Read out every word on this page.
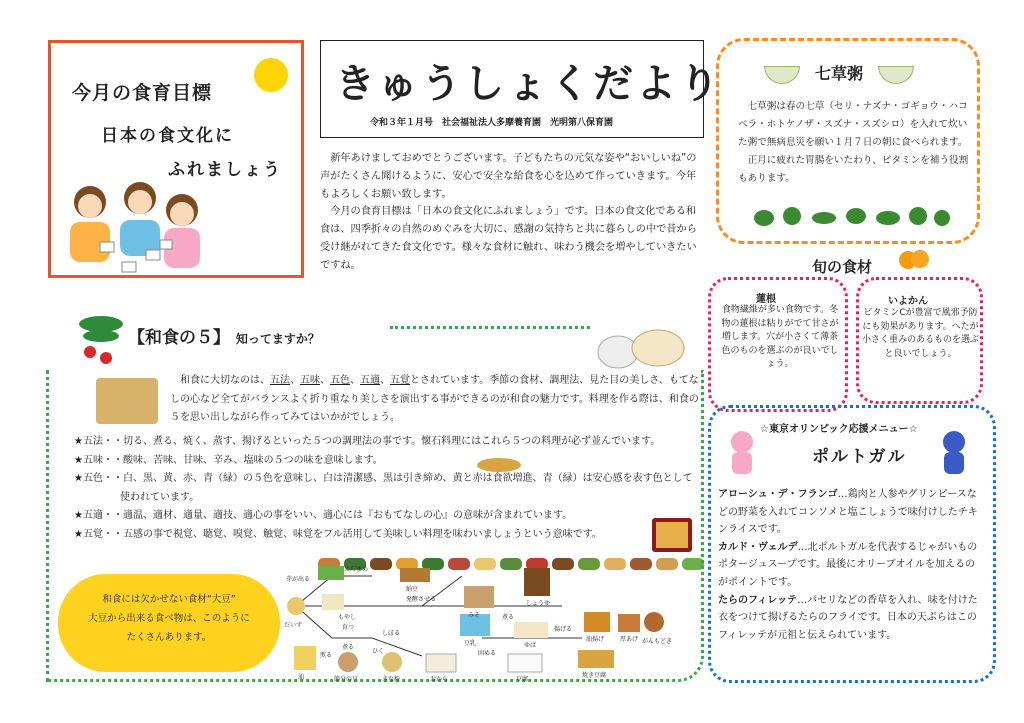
今月の食育目標
日本の食文化に
ふれましょう
きゅうしょくだより
令和３年１月号　社会福祉法人多摩養育園　光明第八保育園

新年あけましておめでとうございます。子どもたちの元気な姿や“おいしいね”の声がたくさん聞けるように、安心で安全な給食を心を込めて作っていきます。今年もよろしくお願い致します。

今月の食育目標は「日本の食文化にふれましょう」です。日本の食文化である和食は、四季折々の自然のめぐみを大切に、感謝の気持ちと共に暮らしの中で昔から受け継がれてきた食文化です。様々な食材に触れ、味わう機会を増やしていきたいですね。

七草粥

七草粥は春の七草（セリ・ナズナ・ゴギョウ・ハコベラ・ホトケノザ・スズナ・スズシロ）を入れて炊いた粥で無病息災を願い１月７日の朝に食べられます。

正月に疲れた胃腸をいたわり、ビタミンを補う役割もあります。

旬の食材
蓮根
食物繊維が多い食物です。冬物の蓮根は粘りがでて甘さが増します。穴が小さくて薄茶色のものを選ぶのが良いでしょう。
いよかん
ビタミンCが豊富で風邪予防にも効果があります。へたが小さく重みのあるものを選ぶと良いでしょう。
☆東京オリンピック応援メニュー☆
ポルトガル

アローシュ・デ・フランゴ…鶏肉と人参やグリンピースなどの野菜を入れてコンソメと塩こしょうで味付けしたチキンライスです。

カルド・ヴェルデ…北ポルトガルを代表するじゃがいものポタージュスープです。最後にオリーブオイルを加えるのがポイントです。

たらのフィレッテ…パセリなどの香草を入れ、味を付けた衣をつけて揚げるたらのフライです。日本の天ぷらはこのフィレッテが元祖と伝えられています。

【和食の５】 知ってますか？

和食に大切なのは、五法、五味、五色、五適、五覚とされています。季節の食材、調理法、見た目の美しさ、もてなしの心など全てがバランスよく折り重なり美しさを演出する事ができるのが和食の魅力です。料理を作る際は、和食の５を思い出しながら作ってみてはいかがでしょう。

★五法・・切る、煮る、焼く、蒸す、揚げるといった５つの調理法の事です。懐石料理にはこれら５つの料理が必ず並んでいます。

★五味・・酸味、苦味、甘味、辛み、塩味の５つの味を意味します。

★五色・・白、黒、黄、赤、青（緑）の５色を意味し、白は清潔感、黒は引き締め、黄と赤は食欲増進、青（緑）は安心感を表す色として使われています。

★五適・・適温、適材、適量、適技、適心の事をいい、適心には『おもてなしの心』の意味が含まれています。

★五覚・・五感の事で視覚、聴覚、嗅覚、触覚、味覚をフル活用して美味しい料理を味わいましょうという意味です。

和食には欠かせない食材“大豆”
大豆から出来る食べ物は、このように
たくさんあります。
芽が出る
だいず
えだまめ
もやし
育つ
納豆
発酵させる
しょうゆ
しぼる
煮る
みそ
豆乳
煮る
ゆば
揚げる
油揚げ	厚あげ がんもどき
ひく
煎る	固める
焼き豆腐
油	節分の豆	きな粉	おから	豆腐
